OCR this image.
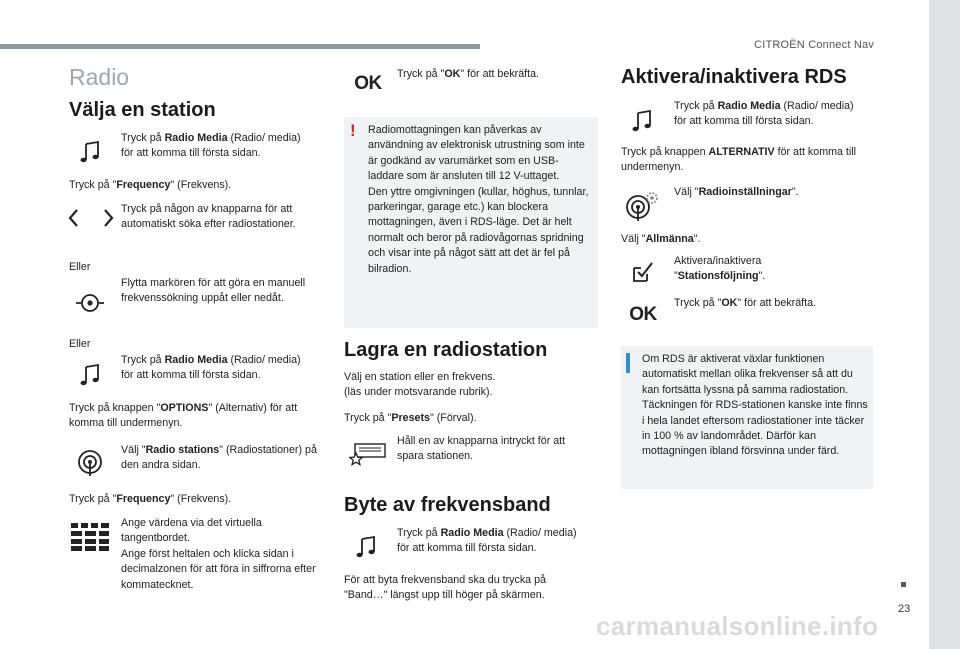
CITROËN Connect Nav
23
carmanualsonline.info
Radio
Välja en station
Tryck på Radio Media (Radio/ media) för att komma till första sidan.
Tryck på "Frequency" (Frekvens).
Tryck på någon av knapparna för att automatiskt söka efter radiostationer.
Eller
Flytta markören för att göra en manuell frekvenssökning uppåt eller nedåt.
Eller
Tryck på Radio Media (Radio/ media) för att komma till första sidan.
Tryck på knappen "OPTIONS" (Alternativ) för att komma till undermenyn.
Välj "Radio stations" (Radiostationer) på den andra sidan.
Tryck på "Frequency" (Frekvens).
Ange värdena via det virtuella tangentbordet.
Ange först heltalen och klicka sidan i decimalzonen för att föra in siffrorna efter kommatecknet.
OK	Tryck på "OK" för att bekräfta.
! Radiomottagningen kan påverkas av användning av elektronisk utrustning som inte är godkänd av varumärket som en USB-laddare som är ansluten till 12 V-uttaget.
Den yttre omgivningen (kullar, höghus, tunnlar, parkeringar, garage etc.) kan blockera mottagningen, även i RDS-läge. Det är helt normalt och beror på radiovågornas spridning och visar inte på något sätt att det är fel på bilradion.
Lagra en radiostation
Välj en station eller en frekvens.
(läs under motsvarande rubrik).
Tryck på "Presets" (Förval).
Håll en av knapparna intryckt för att spara stationen.
Byte av frekvensband
Tryck på Radio Media (Radio/ media) för att komma till första sidan.
För att byta frekvensband ska du trycka på "Band…" längst upp till höger på skärmen.
Aktivera/inaktivera RDS
Tryck på Radio Media (Radio/ media) för att komma till första sidan.
Tryck på knappen ALTERNATIV för att komma till undermenyn.
Välj "Radioinställningar".
Välj "Allmänna".
Aktivera/inaktivera "Stationsföljning".
OK
Tryck på "OK" för att bekräfta.
Om RDS är aktiverat växlar funktionen automatiskt mellan olika frekvenser så att du kan fortsätta lyssna på samma radiostation. Täckningen för RDS-stationen kanske inte finns i hela landet eftersom radiostationer inte täcker in 100 % av landområdet. Därför kan mottagningen ibland försvinna under färd.
